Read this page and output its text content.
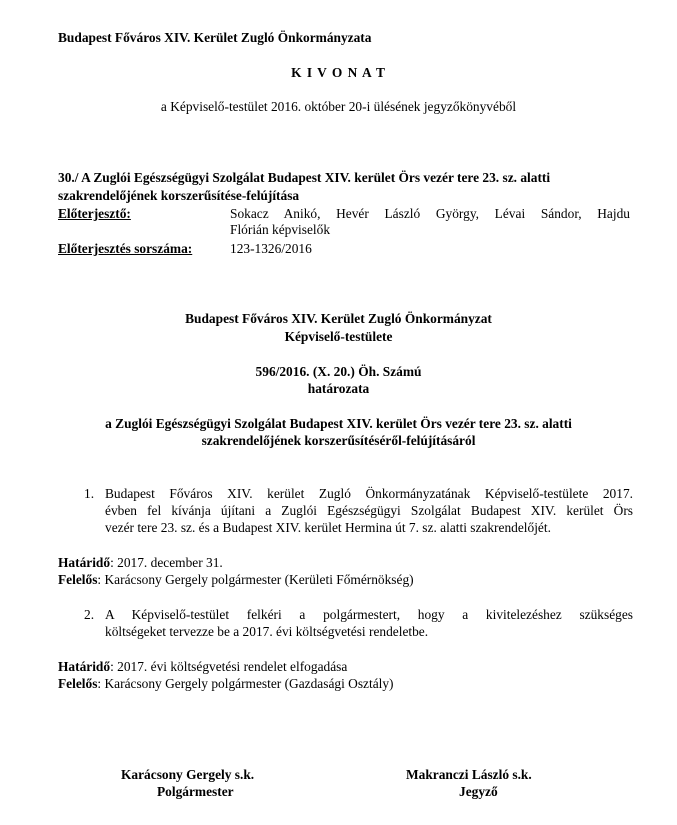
Budapest Főváros XIV. Kerület Zugló Önkormányzata
K I V O N A T
a Képviselő-testület 2016. október 20-i ülésének jegyzőkönyvéből
30./ A Zuglói Egészségügyi Szolgálat Budapest XIV. kerület Örs vezér tere 23. sz. alatti
szakrendelőjének korszerűsítése-felújítása
Előterjesztő:	Sokacz Anikó, Hevér László György, Lévai Sándor, Hajdu
Flórián képviselők
Előterjesztés sorszáma:	123-1326/2016
Budapest Főváros XIV. Kerület Zugló Önkormányzat
Képviselő-testülete
596/2016. (X. 20.) Öh. Számú
határozata
a Zuglói Egészségügyi Szolgálat Budapest XIV. kerület Örs vezér tere 23. sz. alatti
szakrendelőjének korszerűsítéséről-felújításáról
1. Budapest Főváros XIV. kerület Zugló Önkormányzatának Képviselő-testülete 2017.
évben fel kívánja újítani a Zuglói Egészségügyi Szolgálat Budapest XIV. kerület Örs
vezér tere 23. sz. és a Budapest XIV. kerület Hermina út 7. sz. alatti szakrendelőjét.
Határidő: 2017. december 31.
Felelős: Karácsony Gergely polgármester (Kerületi Főmérnökség)
2. A Képviselő-testület felkéri a polgármestert, hogy a kivitelezéshez szükséges
költségeket tervezze be a 2017. évi költségvetési rendeletbe.
Határidő: 2017. évi költségvetési rendelet elfogadása
Felelős: Karácsony Gergely polgármester (Gazdasági Osztály)
Karácsony Gergely s.k.
Polgármester
Makranczi László s.k.
Jegyző
